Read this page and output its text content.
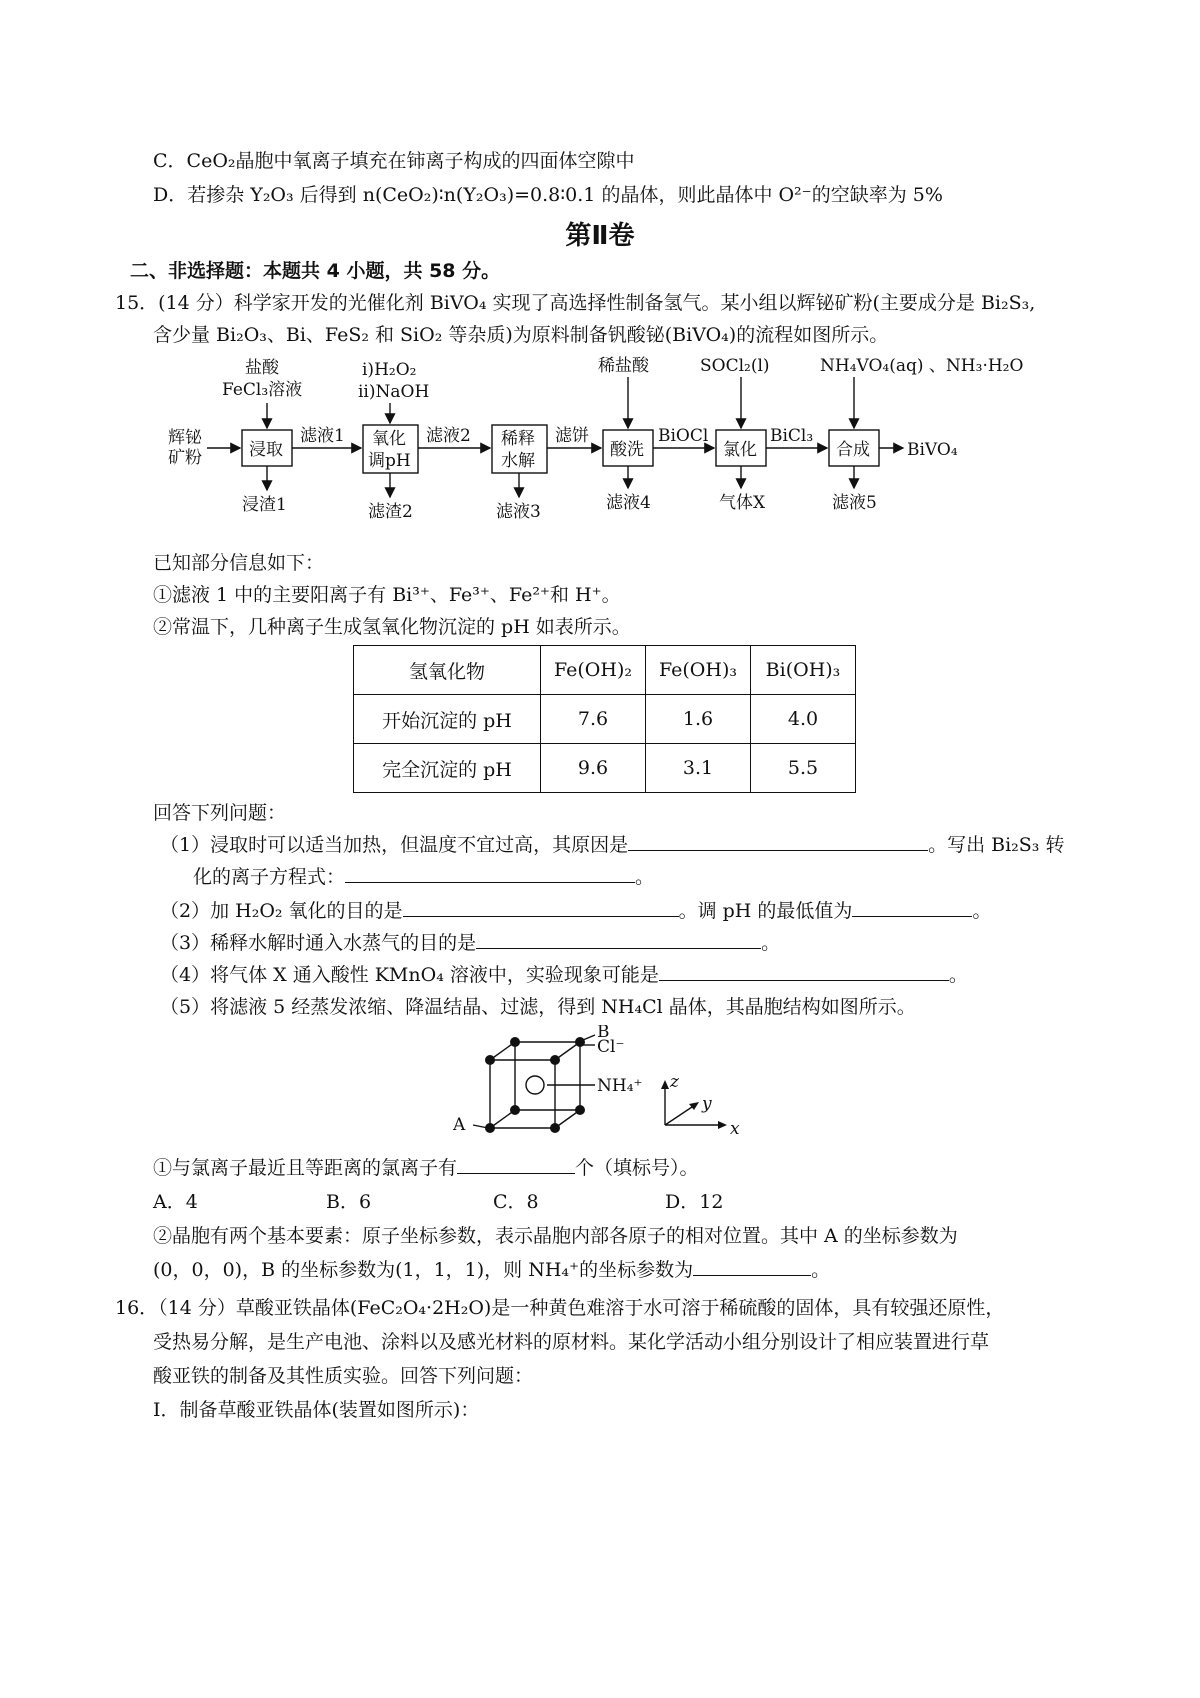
C．CeO₂晶胞中氧离子填充在铈离子构成的四面体空隙中
D．若掺杂 Y₂O₃ 后得到 n(CeO₂)∶n(Y₂O₃)=0.8∶0.1 的晶体，则此晶体中 O²⁻的空缺率为 5%
第Ⅱ卷
二、非选择题：本题共 4 小题，共 58 分。
15．(14 分）科学家开发的光催化剂 BiVO₄ 实现了高选择性制备氢气。某小组以辉铋矿粉(主要成分是 Bi₂S₃,
含少量 Bi₂O₃、Bi、FeS₂ 和 SiO₂ 等杂质)为原料制备钒酸铋(BiVO₄)的流程如图所示。
辉铋
矿粉	浸取
氧化
调pH
稀释
水解
酸洗	氯化	合成
盐酸
FeCl₃溶液
i)H₂O₂
ii)NaOH
稀盐酸	SOCl₂(l)	NH₄VO₄(aq) 、NH₃·H₂O
滤液1	滤液2	滤饼	BiOCl	BiCl₃
BiVO₄
浸渣1	滤渣2	滤液3	滤液4	气体X	滤液5
已知部分信息如下：
①滤液 1 中的主要阳离子有 Bi³⁺、Fe³⁺、Fe²⁺和 H⁺。
②常温下，几种离子生成氢氧化物沉淀的 pH 如表所示。
氢氧化物	Fe(OH)₂	Fe(OH)₃	Bi(OH)₃
开始沉淀的 pH	7.6	1.6	4.0
完全沉淀的 pH	9.6	3.1	5.5
回答下列问题：
（1）浸取时可以适当加热，但温度不宜过高，其原因是	。写出 Bi₂S₃ 转
化的离子方程式：	。
（2）加 H₂O₂ 氧化的目的是	。调 pH 的最低值为	。
（3）稀释水解时通入水蒸气的目的是	。
（4）将气体 X 通入酸性 KMnO₄ 溶液中，实验现象可能是	。
（5）将滤液 5 经蒸发浓缩、降温结晶、过滤，得到 NH₄Cl 晶体，其晶胞结构如图所示。
B
Cl⁻
NH₄⁺
A
z
y
x
①与氯离子最近且等距离的氯离子有	个（填标号）。
A．4	B．6	C．8	D．12
②晶胞有两个基本要素：原子坐标参数，表示晶胞内部各原子的相对位置。其中 A 的坐标参数为
(0，0，0)，B 的坐标参数为(1，1，1)，则 NH₄⁺的坐标参数为	。
16．（14 分）草酸亚铁晶体(FeC₂O₄·2H₂O)是一种黄色难溶于水可溶于稀硫酸的固体，具有较强还原性，
受热易分解，是生产电池、涂料以及感光材料的原材料。某化学活动小组分别设计了相应装置进行草
酸亚铁的制备及其性质实验。回答下列问题：
I．制备草酸亚铁晶体(装置如图所示)：
